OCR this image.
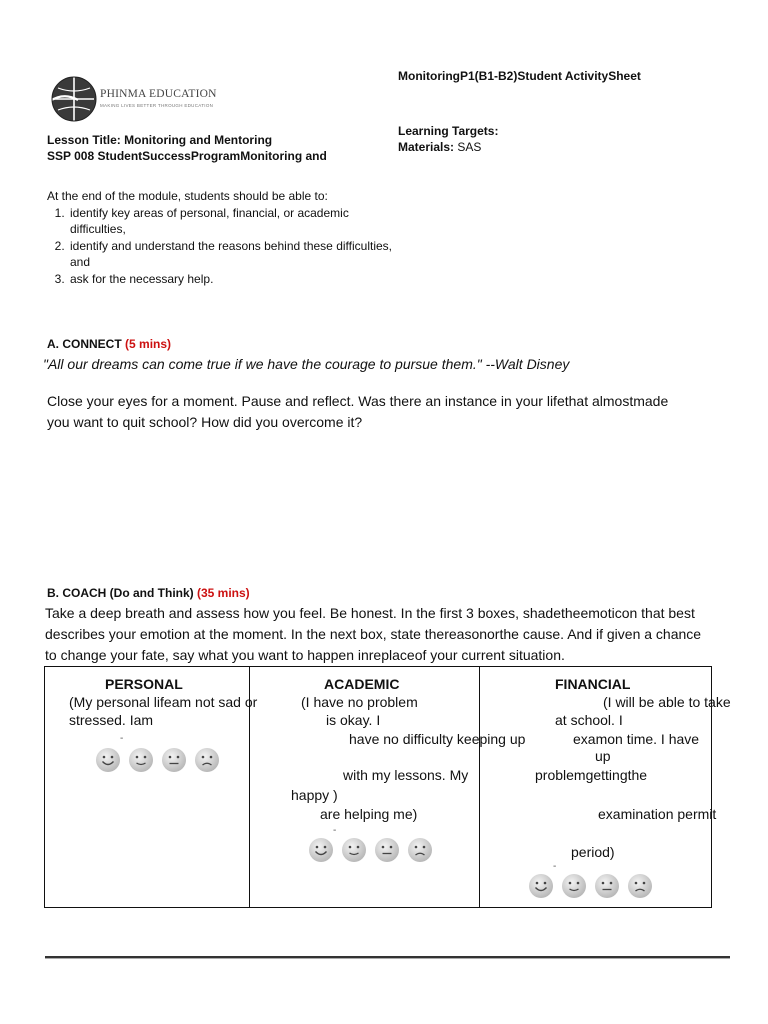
PHINMA EDUCATION
MAKING LIVES BETTER THROUGH EDUCATION
MonitoringP1(B1-B2)Student ActivitySheet
Learning Targets:
Materials: SAS
Lesson Title: Monitoring and Mentoring
SSP 008 StudentSuccessProgramMonitoring and
At the end of the module, students should be able to:
1. identify key areas of personal, financial, or academic difficulties,
2. identify and understand the reasons behind these difficulties, and
3. ask for the necessary help.
A. CONNECT (5 mins)
"All our dreams can come true if we have the courage to pursue them." --Walt Disney
Close your eyes for a moment. Pause and reflect. Was there an instance in your lifethat almostmade
you want to quit school? How did you overcome it?
B. COACH (Do and Think) (35 mins)
Take a deep breath and assess how you feel. Be honest. In the first 3 boxes, shadetheemoticon that best
describes your emotion at the moment. In the next box, state thereasonorthe cause. And if given a chance
to change your fate, say what you want to happen inreplaceof your current situation.
PERSONAL
(My personal lifeam not sad or
stressed. Iam
-
ACADEMIC
(I have no problem
is okay. I
have no difficulty keeping up
with my lessons. My
happy )
are helping me)
-
FINANCIAL
(I will be able to take
at school. I
examon time. I have
up
problemgettingthe
examination permit
period)
-
